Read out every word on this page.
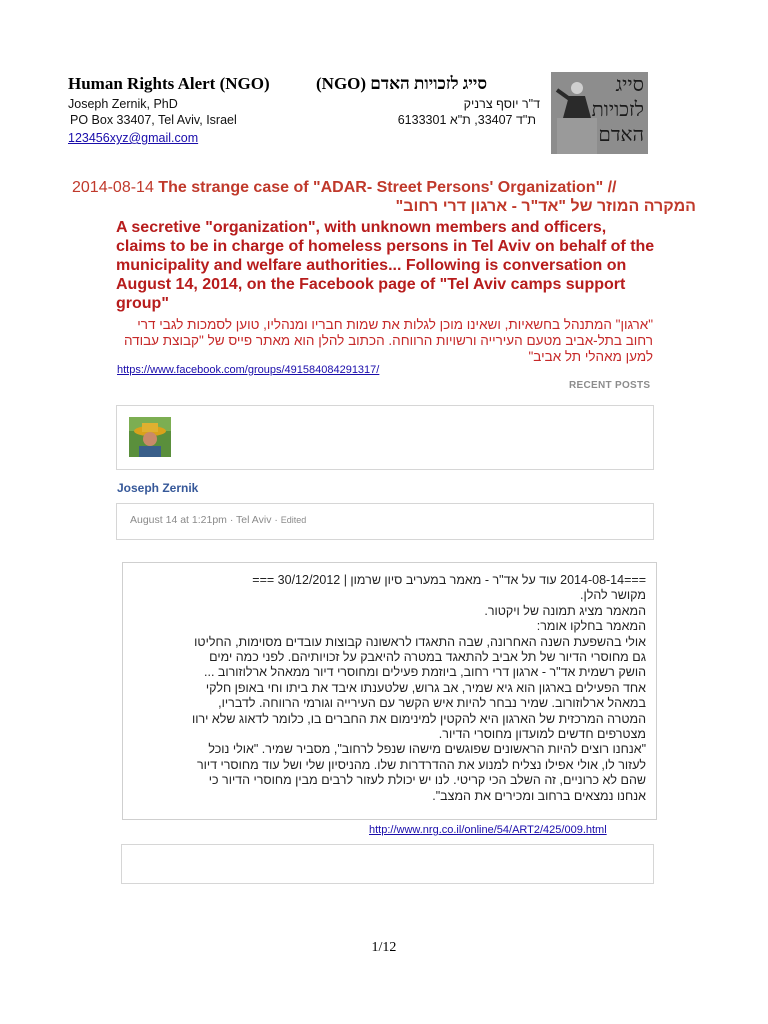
Human Rights Alert (NGO)	(NGO) סייג לזכויות האדם
Joseph Zernik, PhD	ד"ר יוסף צרניק
PO Box 33407, Tel Aviv, Israel	ת"ד 33407, ת"א 6133301
123456xyz@gmail.com
סייג
לזכויות
האדם
2014-08-14 The strange case of "ADAR- Street Persons' Organization" //
המקרה המוזר של "אד"ר - ארגון דרי רחוב"
A secretive "organization", with unknown members and officers, claims to be in charge of homeless persons in Tel Aviv on behalf of the municipality and welfare authorities... Following is conversation on August 14, 2014, on the Facebook page of "Tel Aviv camps support group"
"ארגון" המתנהל בחשאיות, ושאינו מוכן לגלות את שמות חבריו ומנהליו, טוען לסמכות לגבי דרי רחוב בתל-אביב מטעם העירייה ורשויות הרווחה. הכתוב להלן הוא מאתר פייס של "קבוצת עבודה למען מאהלי תל אביב"
https://www.facebook.com/groups/491584084291317/
RECENT POSTS
Joseph Zernik
August 14 at 1:21pm · Tel Aviv · Edited
===2014-08-14 עוד על אד"ר - מאמר במעריב סיון שרמון | 30/12/2012 ===
מקושר להלן.
המאמר מציג תמונה של ויקטור.
המאמר בחלקו אומר:
אולי בהשפעת השנה האחרונה, שבה התאגדו לראשונה קבוצות עובדים מסוימות, החליטו
גם מחוסרי הדיור של תל אביב להתאגד במטרה להיאבק על זכויותיהם. לפני כמה ימים
הושק רשמית אד"ר - ארגון דרי רחוב, ביוזמת פעילים ומחוסרי דיור ממאהל ארלוזורוב ...
אחד הפעילים בארגון הוא גיא שמיר, אב גרוש, שלטענתו איבד את ביתו וחי באופן חלקי
במאהל ארלוזורוב. שמיר נבחר להיות איש הקשר עם העירייה וגורמי הרווחה. לדבריו,
המטרה המרכזית של הארגון היא להקטין למינימום את החברים בו, כלומר לדאוג שלא ירוו
מצטרפים חדשים למועדון מחוסרי הדיור.
"אנחנו רוצים להיות הראשונים שפוגשים מישהו שנפל לרחוב", מסביר שמיר. "אולי נוכל
לעזור לו, אולי אפילו נצליח למנוע את ההדרדרות שלו. מהניסיון שלי ושל עוד מחוסרי דיור
שהם לא כרוניים, זה השלב הכי קריטי. לנו יש יכולת לעזור לרבים מבין מחוסרי הדיור כי
אנחנו נמצאים ברחוב ומכירים את המצב".
http://www.nrg.co.il/online/54/ART2/425/009.html
1/12
